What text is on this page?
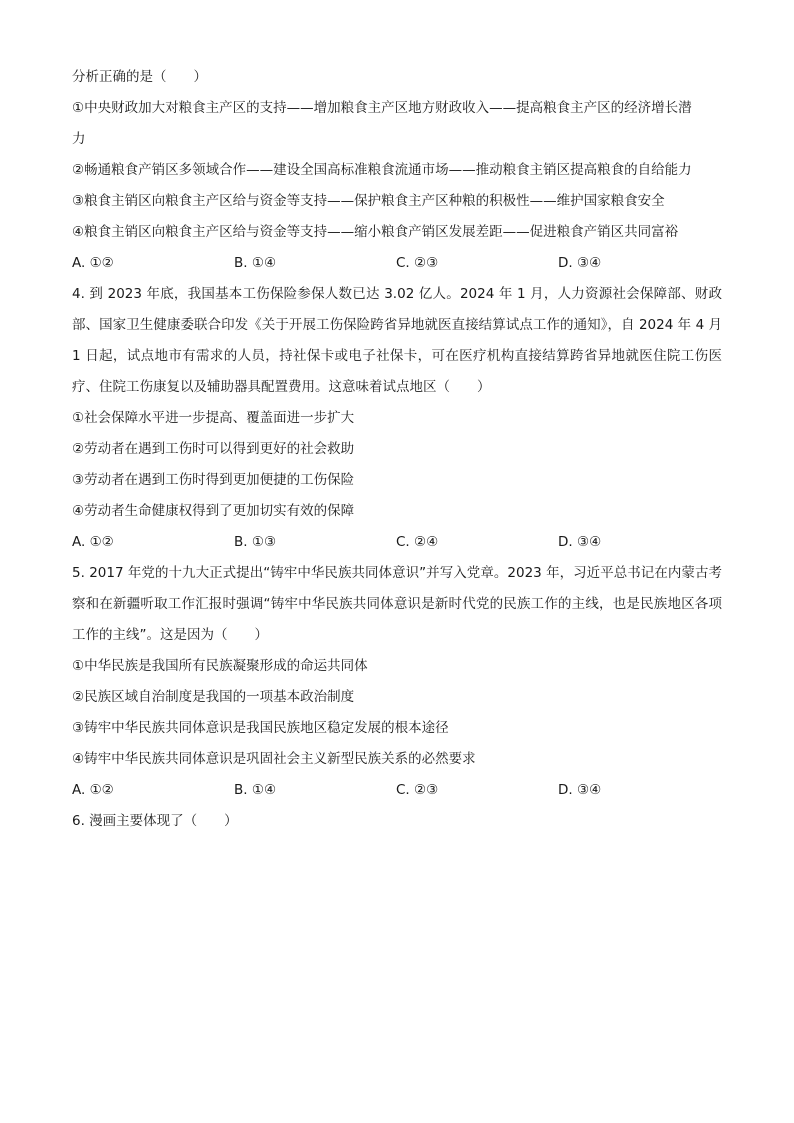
分析正确的是（　　）
①中央财政加大对粮食主产区的支持——增加粮食主产区地方财政收入——提高粮食主产区的经济增长潜
力
②畅通粮食产销区多领域合作——建设全国高标准粮食流通市场——推动粮食主销区提高粮食的自给能力
③粮食主销区向粮食主产区给与资金等支持——保护粮食主产区种粮的积极性——维护国家粮食安全
④粮食主销区向粮食主产区给与资金等支持——缩小粮食产销区发展差距——促进粮食产销区共同富裕
A. ①②	B. ①④	C. ②③	D. ③④
4. 到 2023 年底，我国基本工伤保险参保人数已达 3.02 亿人。2024 年 1 月，人力资源社会保障部、财政部、国家卫生健康委联合印发《关于开展工伤保险跨省异地就医直接结算试点工作的通知》，自 2024 年 4 月 1 日起，试点地市有需求的人员，持社保卡或电子社保卡，可在医疗机构直接结算跨省异地就医住院工伤医疗、住院工伤康复以及辅助器具配置费用。这意味着试点地区（　　）
①社会保障水平进一步提高、覆盖面进一步扩大
②劳动者在遇到工伤时可以得到更好的社会救助
③劳动者在遇到工伤时得到更加便捷的工伤保险
④劳动者生命健康权得到了更加切实有效的保障
A. ①②	B. ①③	C. ②④	D. ③④
5. 2017 年党的十九大正式提出“铸牢中华民族共同体意识”并写入党章。2023 年，习近平总书记在内蒙古考察和在新疆听取工作汇报时强调“铸牢中华民族共同体意识是新时代党的民族工作的主线，也是民族地区各项工作的主线”。这是因为（　　）
①中华民族是我国所有民族凝聚形成的命运共同体
②民族区域自治制度是我国的一项基本政治制度
③铸牢中华民族共同体意识是我国民族地区稳定发展的根本途径
④铸牢中华民族共同体意识是巩固社会主义新型民族关系的必然要求
A. ①②	B. ①④	C. ②③	D. ③④
6. 漫画主要体现了（　　）
